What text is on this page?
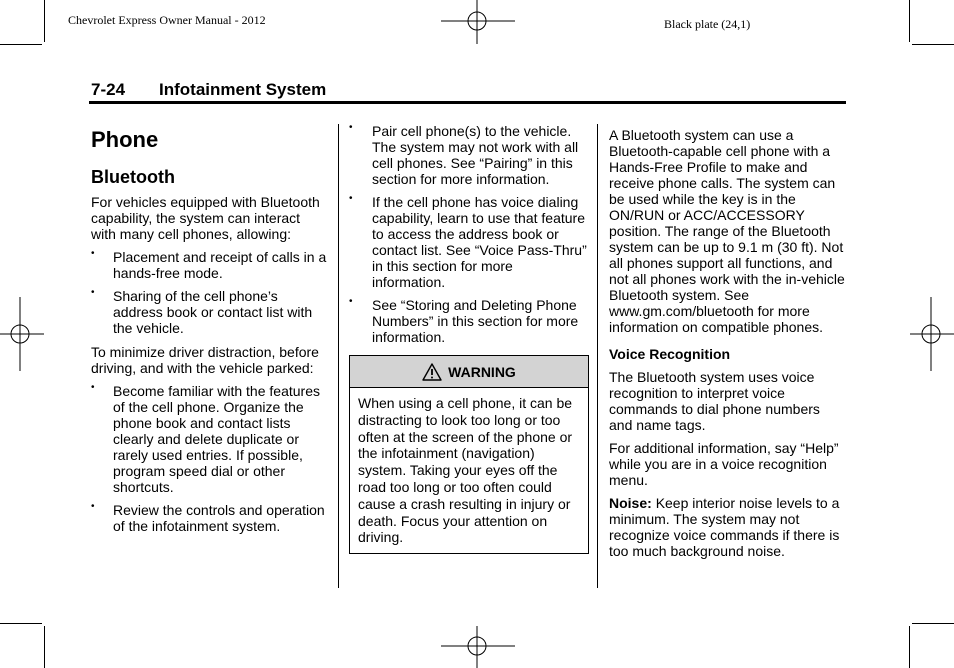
Chevrolet Express Owner Manual - 2012	Black plate (24,1)
7-24 Infotainment System
Phone
Bluetooth

For vehicles equipped with Bluetooth capability, the system can interact with many cell phones, allowing:

• Placement and receipt of calls in a hands-free mode.
• Sharing of the cell phone’s address book or contact list with the vehicle.

To minimize driver distraction, before driving, and with the vehicle parked:

• Become familiar with the features of the cell phone. Organize the phone book and contact lists clearly and delete duplicate or rarely used entries. If possible, program speed dial or other shortcuts.
• Review the controls and operation of the infotainment system.
• Pair cell phone(s) to the vehicle. The system may not work with all cell phones. See “Pairing” in this section for more information.
• If the cell phone has voice dialing capability, learn to use that feature to access the address book or contact list. See “Voice Pass-Thru” in this section for more information.
• See “Storing and Deleting Phone Numbers” in this section for more information.
WARNING
When using a cell phone, it can be distracting to look too long or too often at the screen of the phone or the infotainment (navigation) system. Taking your eyes off the road too long or too often could cause a crash resulting in injury or death. Focus your attention on driving.

A Bluetooth system can use a Bluetooth-capable cell phone with a Hands-Free Profile to make and receive phone calls. The system can be used while the key is in the ON/RUN or ACC/ACCESSORY position. The range of the Bluetooth system can be up to 9.1 m (30 ft). Not all phones support all functions, and not all phones work with the in-vehicle Bluetooth system. See www.gm.com/bluetooth for more information on compatible phones.

Voice Recognition

The Bluetooth system uses voice recognition to interpret voice commands to dial phone numbers and name tags.

For additional information, say “Help” while you are in a voice recognition menu.

Noise: Keep interior noise levels to a minimum. The system may not recognize voice commands if there is too much background noise.
